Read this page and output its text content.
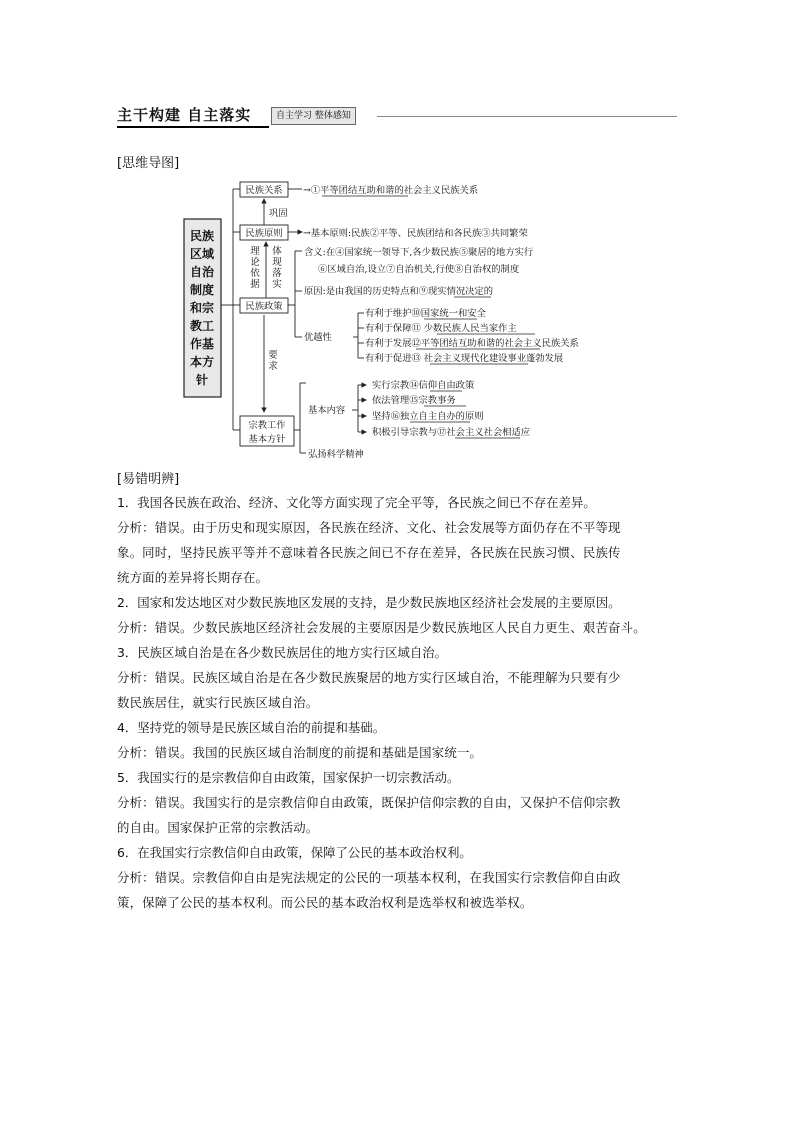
主干构建 自主落实	自主学习 整体感知
[思维导图]
民族
区域
自治
制度
和宗
教工
作基
本方
针
民族关系
民族原则
民族政策
宗教工作
基本方针
巩固
理
论
依
据
体
现
落
实
要
求
→①平等团结互助和谐的社会主义民族关系
→基本原则:民族②平等、民族团结和各民族③共同繁荣
含义:在④国家统一领导下,各少数民族⑤聚居的地方实行
⑥区域自治,设立⑦自治机关,行使⑧自治权的制度
原因:是由我国的历史特点和⑨现实情况决定的
优越性
有利于维护⑩国家统一和安全
有利于保障⑪ 少数民族人民当家作主
有利于发展⑫平等团结互助和谐的社会主义民族关系
有利于促进⑬ 社会主义现代化建设事业蓬勃发展
基本内容
实行宗教⑭信仰自由政策
依法管理⑮宗教事务
坚持⑯独立自主自办的原则
积极引导宗教与⑰社会主义社会相适应
弘扬科学精神
[易错明辨]

1．我国各民族在政治、经济、文化等方面实现了完全平等，各民族之间已不存在差异。

分析：错误。由于历史和现实原因，各民族在经济、文化、社会发展等方面仍存在不平等现

象。同时，坚持民族平等并不意味着各民族之间已不存在差异，各民族在民族习惯、民族传

统方面的差异将长期存在。

2．国家和发达地区对少数民族地区发展的支持，是少数民族地区经济社会发展的主要原因。

分析：错误。少数民族地区经济社会发展的主要原因是少数民族地区人民自力更生、艰苦奋斗。

3．民族区域自治是在各少数民族居住的地方实行区域自治。

分析：错误。民族区域自治是在各少数民族聚居的地方实行区域自治，不能理解为只要有少

数民族居住，就实行民族区域自治。

4．坚持党的领导是民族区域自治的前提和基础。

分析：错误。我国的民族区域自治制度的前提和基础是国家统一。

5．我国实行的是宗教信仰自由政策，国家保护一切宗教活动。

分析：错误。我国实行的是宗教信仰自由政策，既保护信仰宗教的自由，又保护不信仰宗教

的自由。国家保护正常的宗教活动。

6．在我国实行宗教信仰自由政策，保障了公民的基本政治权利。

分析：错误。宗教信仰自由是宪法规定的公民的一项基本权利，在我国实行宗教信仰自由政

策，保障了公民的基本权利。而公民的基本政治权利是选举权和被选举权。
